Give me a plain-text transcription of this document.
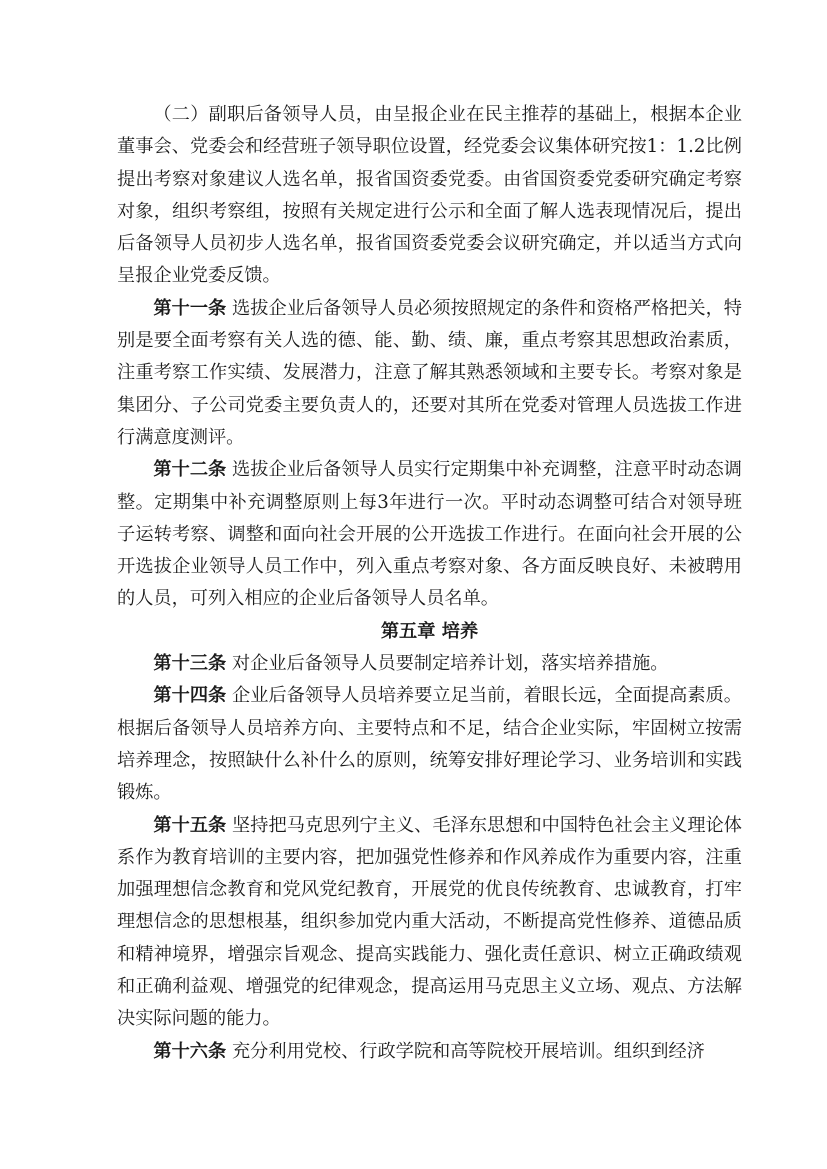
（二）副职后备领导人员，由呈报企业在民主推荐的基础上，根据本企业董事会、党委会和经营班子领导职位设置，经党委会议集体研究按1：1.2比例提出考察对象建议人选名单，报省国资委党委。由省国资委党委研究确定考察对象，组织考察组，按照有关规定进行公示和全面了解人选表现情况后，提出后备领导人员初步人选名单，报省国资委党委会议研究确定，并以适当方式向呈报企业党委反馈。

第十一条 选拔企业后备领导人员必须按照规定的条件和资格严格把关，特别是要全面考察有关人选的德、能、勤、绩、廉，重点考察其思想政治素质，注重考察工作实绩、发展潜力，注意了解其熟悉领域和主要专长。考察对象是集团分、子公司党委主要负责人的，还要对其所在党委对管理人员选拔工作进行满意度测评。

第十二条 选拔企业后备领导人员实行定期集中补充调整，注意平时动态调整。定期集中补充调整原则上每3年进行一次。平时动态调整可结合对领导班子运转考察、调整和面向社会开展的公开选拔工作进行。在面向社会开展的公开选拔企业领导人员工作中，列入重点考察对象、各方面反映良好、未被聘用的人员，可列入相应的企业后备领导人员名单。

第五章 培养

第十三条 对企业后备领导人员要制定培养计划，落实培养措施。

第十四条 企业后备领导人员培养要立足当前，着眼长远，全面提高素质。根据后备领导人员培养方向、主要特点和不足，结合企业实际，牢固树立按需培养理念，按照缺什么补什么的原则，统筹安排好理论学习、业务培训和实践锻炼。

第十五条 坚持把马克思列宁主义、毛泽东思想和中国特色社会主义理论体系作为教育培训的主要内容，把加强党性修养和作风养成作为重要内容，注重加强理想信念教育和党风党纪教育，开展党的优良传统教育、忠诚教育，打牢理想信念的思想根基，组织参加党内重大活动，不断提高党性修养、道德品质和精神境界，增强宗旨观念、提高实践能力、强化责任意识、树立正确政绩观和正确利益观、增强党的纪律观念，提高运用马克思主义立场、观点、方法解决实际问题的能力。

第十六条 充分利用党校、行政学院和高等院校开展培训。组织到经济
